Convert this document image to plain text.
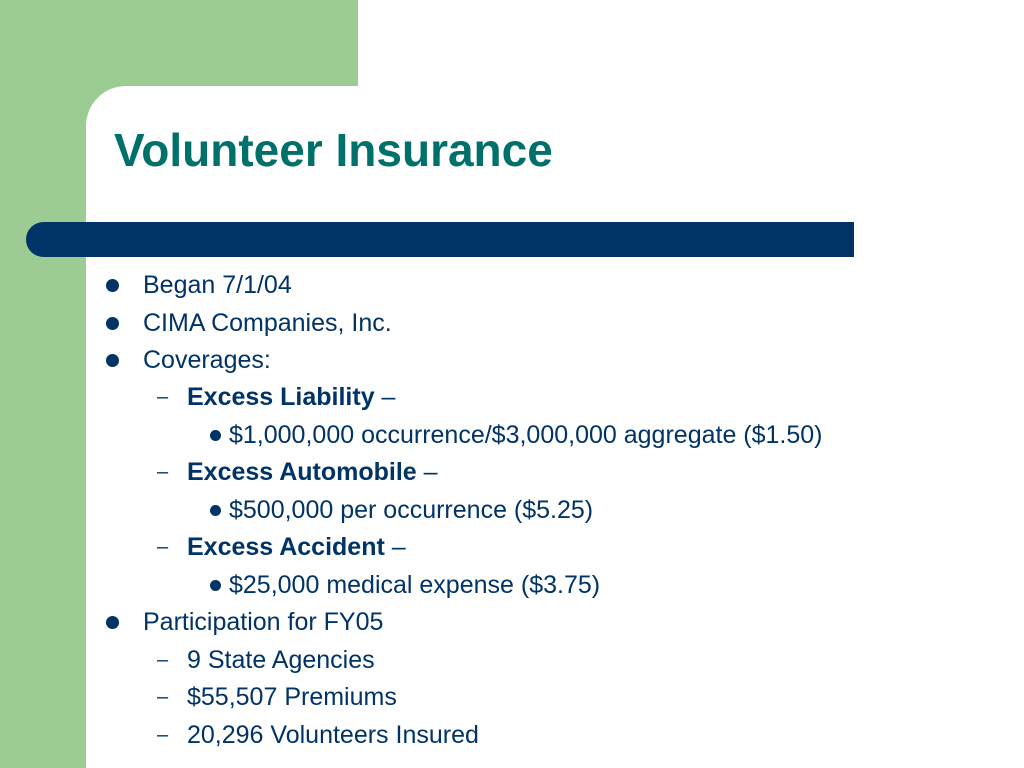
Volunteer Insurance
Began 7/1/04
CIMA Companies, Inc.
Coverages:
– Excess Liability –
$1,000,000 occurrence/$3,000,000 aggregate ($1.50)
– Excess Automobile –
$500,000 per occurrence ($5.25)
– Excess Accident –
$25,000 medical expense ($3.75)
Participation for FY05
– 9 State Agencies
– $55,507 Premiums
– 20,296 Volunteers Insured
